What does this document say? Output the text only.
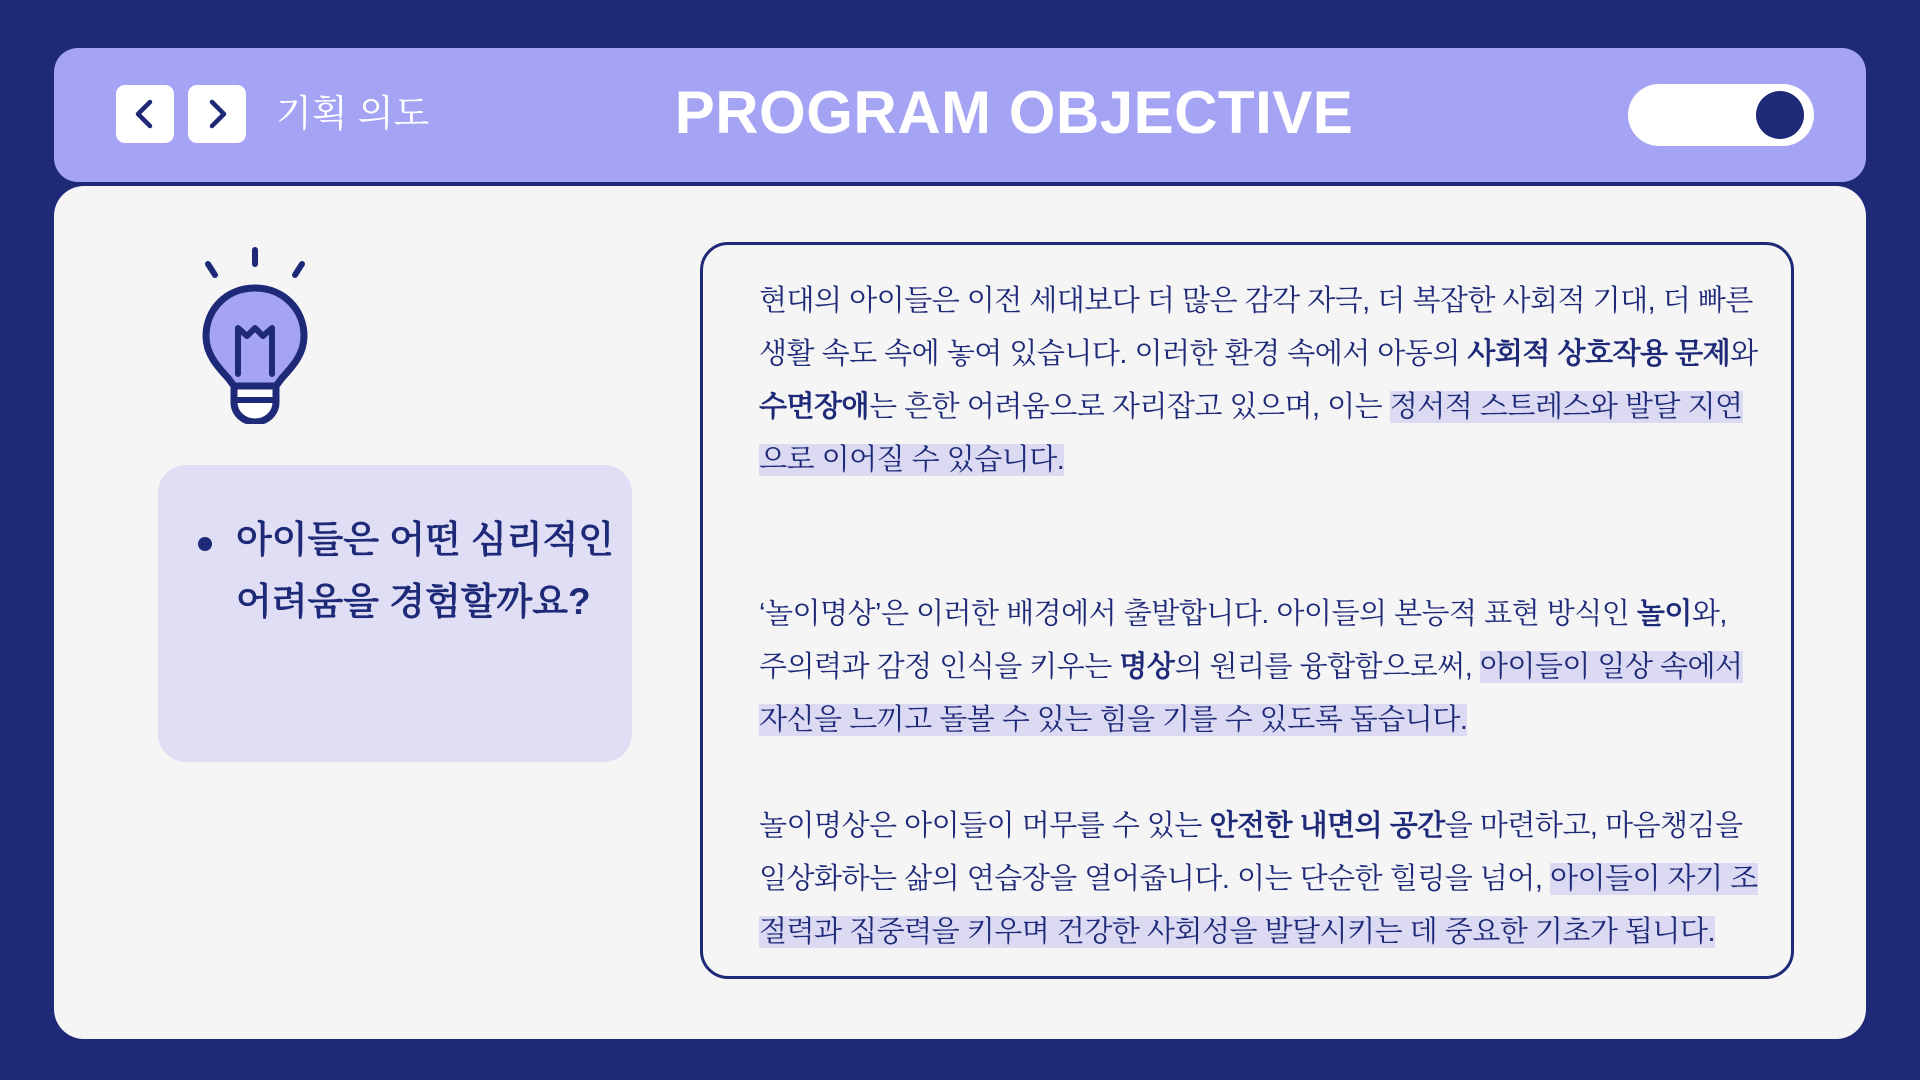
기획 의도	PROGRAM OBJECTIVE
아이들은 어떤 심리적인 어려움을 경험할까요?

현대의 아이들은 이전 세대보다 더 많은 감각 자극, 더 복잡한 사회적 기대, 더 빠른 생활 속도 속에 놓여 있습니다. 이러한 환경 속에서 아동의 사회적 상호작용 문제와 수면장애는 흔한 어려움으로 자리잡고 있으며, 이는 정서적 스트레스와 발달 지연으로 이어질 수 있습니다.

‘놀이명상’은 이러한 배경에서 출발합니다. 아이들의 본능적 표현 방식인 놀이와, 주의력과 감정 인식을 키우는 명상의 원리를 융합함으로써, 아이들이 일상 속에서 자신을 느끼고 돌볼 수 있는 힘을 기를 수 있도록 돕습니다.

놀이명상은 아이들이 머무를 수 있는 안전한 내면의 공간을 마련하고, 마음챙김을 일상화하는 삶의 연습장을 열어줍니다. 이는 단순한 힐링을 넘어, 아이들이 자기 조절력과 집중력을 키우며 건강한 사회성을 발달시키는 데 중요한 기초가 됩니다.
